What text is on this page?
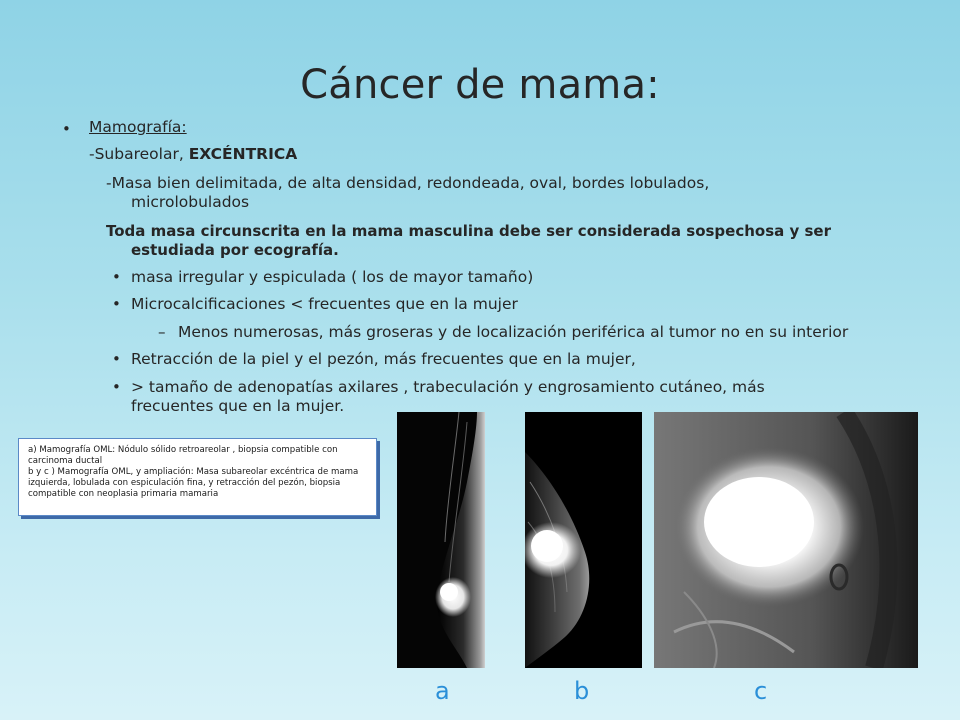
Cáncer de mama:
• Mamografía:
-Subareolar, EXCÉNTRICA
-Masa bien delimitada, de alta densidad, redondeada, oval, bordes lobulados,
microlobulados
Toda masa circunscrita en la mama masculina debe ser considerada sospechosa y ser
estudiada por ecografía.
• masa irregular y espiculada ( los de mayor tamaño)
• Microcalcificaciones < frecuentes que en la mujer
– Menos numerosas, más groseras y de localización periférica al tumor no en su interior
• Retracción de la piel y el pezón, más frecuentes que en la mujer,
• > tamaño de adenopatías axilares , trabeculación y engrosamiento cutáneo, más
frecuentes que en la mujer.
a) Mamografía OML: Nódulo sólido retroareolar , biopsia compatible con carcinoma ductal
b y c ) Mamografía OML, y ampliación: Masa subareolar excéntrica de mama izquierda, lobulada con espiculación fina, y retracción del pezón, biopsia compatible con neoplasia primaria mamaria
a	b	c
